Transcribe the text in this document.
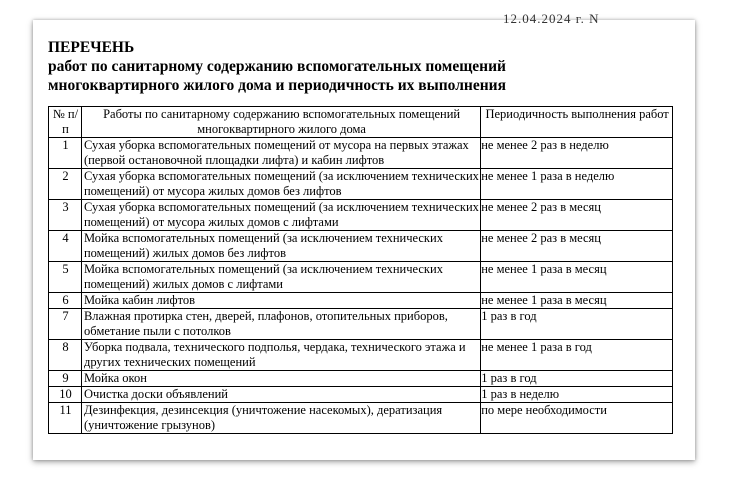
12.04.2024 г. N
ПЕРЕЧЕНЬ
работ по санитарному содержанию вспомогательных помещений
многоквартирного жилого дома и периодичность их выполнения
№ п/п	Работы по санитарному содержанию вспомогательных помещений многоквартирного жилого дома	Периодичность выполнения работ
1	Сухая уборка вспомогательных помещений от мусора на первых этажах (первой остановочной площадки лифта) и кабин лифтов	не менее 2 раз в неделю
2	Сухая уборка вспомогательных помещений (за исключением технических помещений) от мусора жилых домов без лифтов	не менее 1 раза в неделю
3	Сухая уборка вспомогательных помещений (за исключением технических помещений) от мусора жилых домов с лифтами	не менее 2 раз в месяц
4	Мойка вспомогательных помещений (за исключением технических помещений) жилых домов без лифтов	не менее 2 раз в месяц
5	Мойка вспомогательных помещений (за исключением технических помещений) жилых домов с лифтами	не менее 1 раза в месяц
6	Мойка кабин лифтов	не менее 1 раза в месяц
7	Влажная протирка стен, дверей, плафонов, отопительных приборов, обметание пыли с потолков	1 раз в год
8	Уборка подвала, технического подполья, чердака, технического этажа и других технических помещений	не менее 1 раза в год
9	Мойка окон	1 раз в год
10	Очистка доски объявлений	1 раз в неделю
11	Дезинфекция, дезинсекция (уничтожение насекомых), дератизация (уничтожение грызунов)	по мере необходимости
